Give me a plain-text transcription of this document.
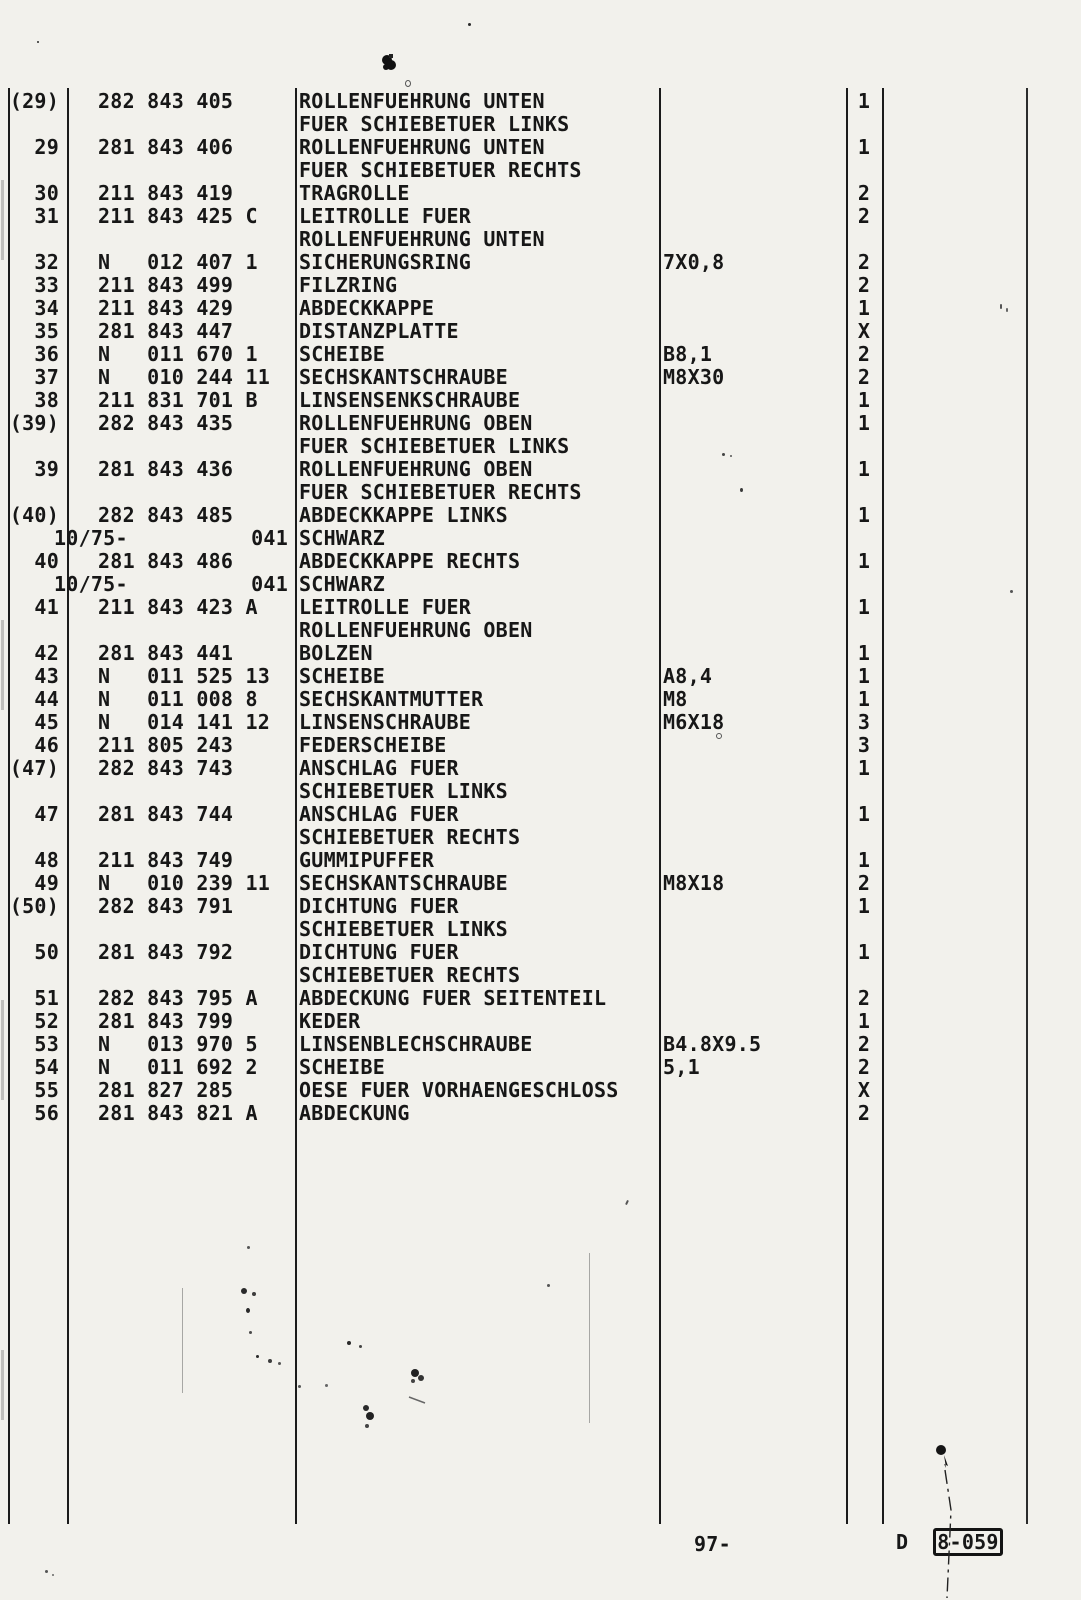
(29)	282 843 405	ROLLENFUEHRUNG UNTEN	1
FUER SCHIEBETUER LINKS
29	281 843 406	ROLLENFUEHRUNG UNTEN	1
FUER SCHIEBETUER RECHTS
30	211 843 419	TRAGROLLE	2
31	211 843 425 C	LEITROLLE FUER	2
ROLLENFUEHRUNG UNTEN
32	N   012 407 1	SICHERUNGSRING	7X0,8	2
33	211 843 499	FILZRING	2
34	211 843 429	ABDECKKAPPE	1
35	281 843 447	DISTANZPLATTE	X
36	N   011 670 1	SCHEIBE	B8,1	2
37	N   010 244 11	SECHSKANTSCHRAUBE	M8X30	2
38	211 831 701 B	LINSENSENKSCHRAUBE	1
(39)	282 843 435	ROLLENFUEHRUNG OBEN	1
FUER SCHIEBETUER LINKS
39	281 843 436	ROLLENFUEHRUNG OBEN	1
FUER SCHIEBETUER RECHTS
(40)	282 843 485	ABDECKKAPPE LINKS	1
10/75-	041 SCHWARZ
40	281 843 486	ABDECKKAPPE RECHTS	1
10/75-	041 SCHWARZ
41	211 843 423 A	LEITROLLE FUER	1
ROLLENFUEHRUNG OBEN
42	281 843 441	BOLZEN	1
43	N   011 525 13	SCHEIBE	A8,4	1
44	N   011 008 8	SECHSKANTMUTTER	M8	1
45	N   014 141 12	LINSENSCHRAUBE	M6X18	3
46	211 805 243	FEDERSCHEIBE	3
(47)	282 843 743	ANSCHLAG FUER	1
SCHIEBETUER LINKS
47	281 843 744	ANSCHLAG FUER	1
SCHIEBETUER RECHTS
48	211 843 749	GUMMIPUFFER	1
49	N   010 239 11	SECHSKANTSCHRAUBE	M8X18	2
(50)	282 843 791	DICHTUNG FUER	1
SCHIEBETUER LINKS
50	281 843 792	DICHTUNG FUER	1
SCHIEBETUER RECHTS
51	282 843 795 A	ABDECKUNG FUER SEITENTEIL	2
52	281 843 799	KEDER	1
53	N   013 970 5	LINSENBLECHSCHRAUBE	B4.8X9.5	2
54	N   011 692 2	SCHEIBE	5,1	2
55	281 827 285	OESE FUER VORHAENGESCHLOSS	X
56	281 843 821 A	ABDECKUNG	2
97-	D 8-059
